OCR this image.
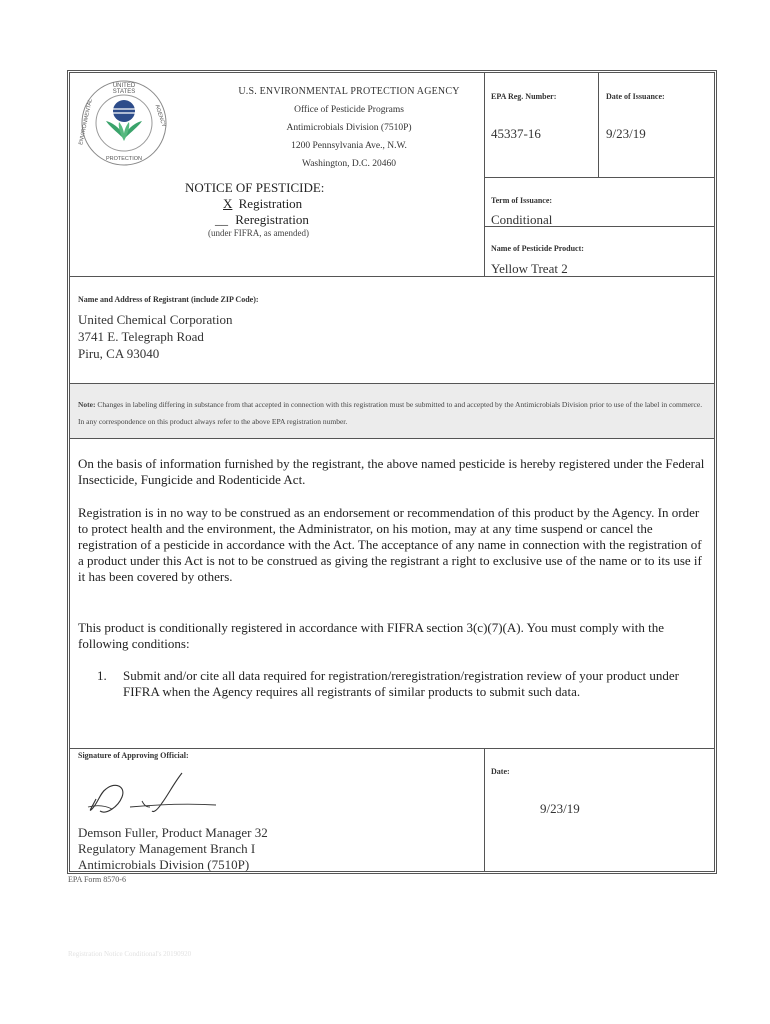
UNITED STATES
ENVIRONMENTAL	AGENCY
PROTECTION
U.S. ENVIRONMENTAL PROTECTION AGENCY
Office of Pesticide Programs
Antimicrobials Division (7510P)
1200 Pennsylvania Ave., N.W.
Washington, D.C. 20460
NOTICE OF PESTICIDE:
X Registration
__ Reregistration
(under FIFRA, as amended)
EPA Reg. Number:
45337-16
Date of Issuance:
9/23/19
Term of Issuance:
Conditional
Name of Pesticide Product:
Yellow Treat 2
Name and Address of Registrant (include ZIP Code):
United Chemical Corporation
3741 E. Telegraph Road
Piru, CA 93040
Note: Changes in labeling differing in substance from that accepted in connection with this registration must be submitted to and accepted by the Antimicrobials Division prior to use of the label in commerce. In any correspondence on this product always refer to the above EPA registration number.
On the basis of information furnished by the registrant, the above named pesticide is hereby registered under the Federal Insecticide, Fungicide and Rodenticide Act.
Registration is in no way to be construed as an endorsement or recommendation of this product by the Agency. In order to protect health and the environment, the Administrator, on his motion, may at any time suspend or cancel the registration of a pesticide in accordance with the Act. The acceptance of any name in connection with the registration of a product under this Act is not to be construed as giving the registrant a right to exclusive use of the name or to its use if it has been covered by others.
This product is conditionally registered in accordance with FIFRA section 3(c)(7)(A). You must comply with the following conditions:
1. Submit and/or cite all data required for registration/reregistration/registration review of your product under FIFRA when the Agency requires all registrants of similar products to submit such data.
Signature of Approving Official:
Demson Fuller, Product Manager 32
Regulatory Management Branch I
Antimicrobials Division (7510P)
Date:
9/23/19
EPA Form 8570-6
Registration Notice Conditional's 20190920
